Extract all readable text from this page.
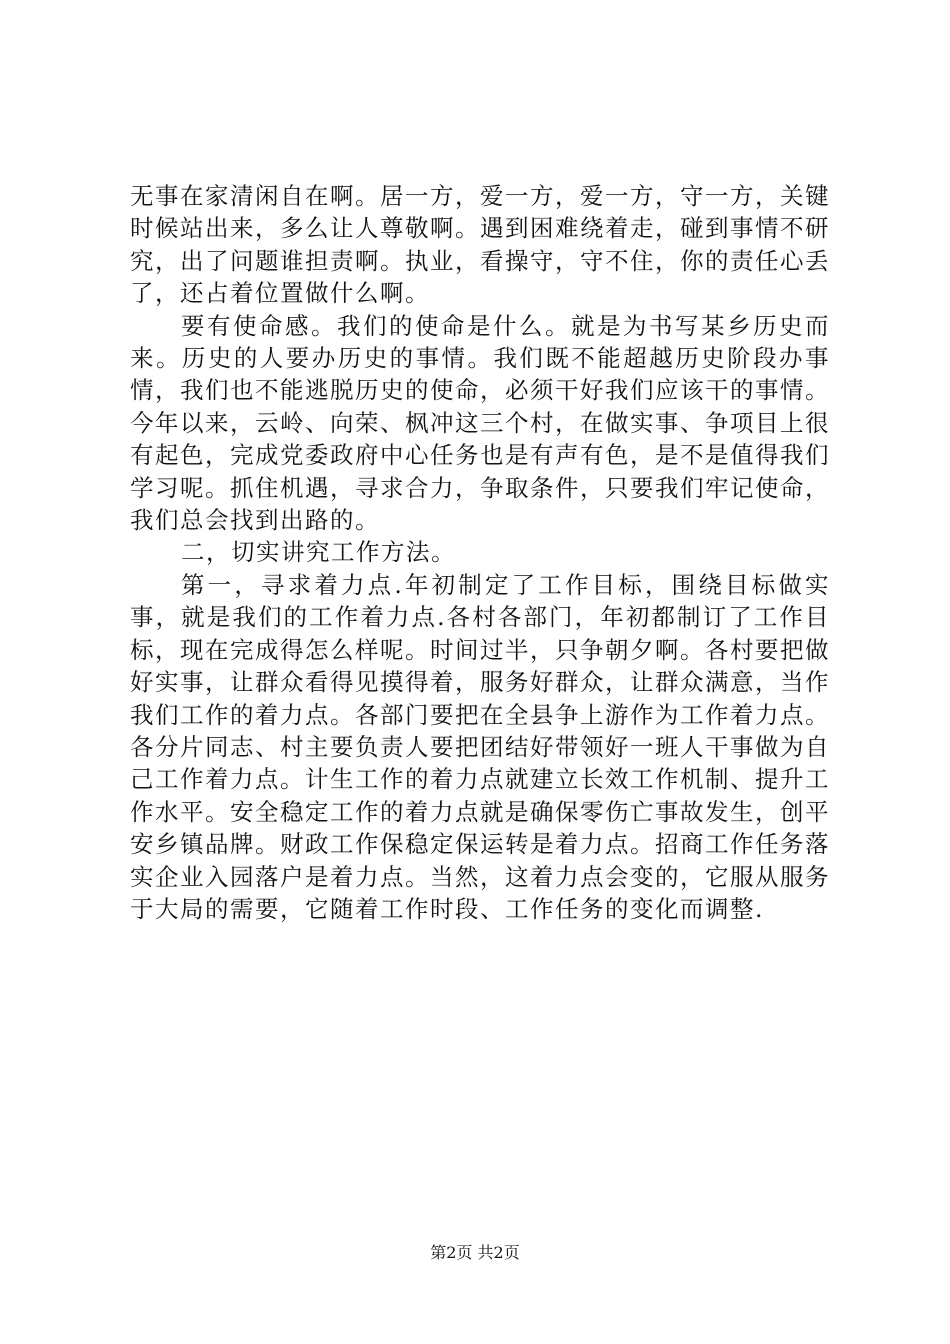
无事在家清闲自在啊。居一方，爱一方，爱一方，守一方，关键时候站出来，多么让人尊敬啊。遇到困难绕着走，碰到事情不研究，出了问题谁担责啊。执业，看操守，守不住，你的责任心丢了，还占着位置做什么啊。

要有使命感。我们的使命是什么。就是为书写某乡历史而来。历史的人要办历史的事情。我们既不能超越历史阶段办事情，我们也不能逃脱历史的使命，必须干好我们应该干的事情。今年以来，云岭、向荣、枫冲这三个村，在做实事、争项目上很有起色，完成党委政府中心任务也是有声有色，是不是值得我们学习呢。抓住机遇，寻求合力，争取条件，只要我们牢记使命，我们总会找到出路的。

二，切实讲究工作方法。

第一，寻求着力点.年初制定了工作目标，围绕目标做实事，就是我们的工作着力点.各村各部门，年初都制订了工作目标，现在完成得怎么样呢。时间过半，只争朝夕啊。各村要把做好实事，让群众看得见摸得着，服务好群众，让群众满意，当作我们工作的着力点。各部门要把在全县争上游作为工作着力点。各分片同志、村主要负责人要把团结好带领好一班人干事做为自己工作着力点。计生工作的着力点就建立长效工作机制、提升工作水平。安全稳定工作的着力点就是确保零伤亡事故发生，创平安乡镇品牌。财政工作保稳定保运转是着力点。招商工作任务落实企业入园落户是着力点。当然，这着力点会变的，它服从服务于大局的需要，它随着工作时段、工作任务的变化而调整.

第2页 共2页
